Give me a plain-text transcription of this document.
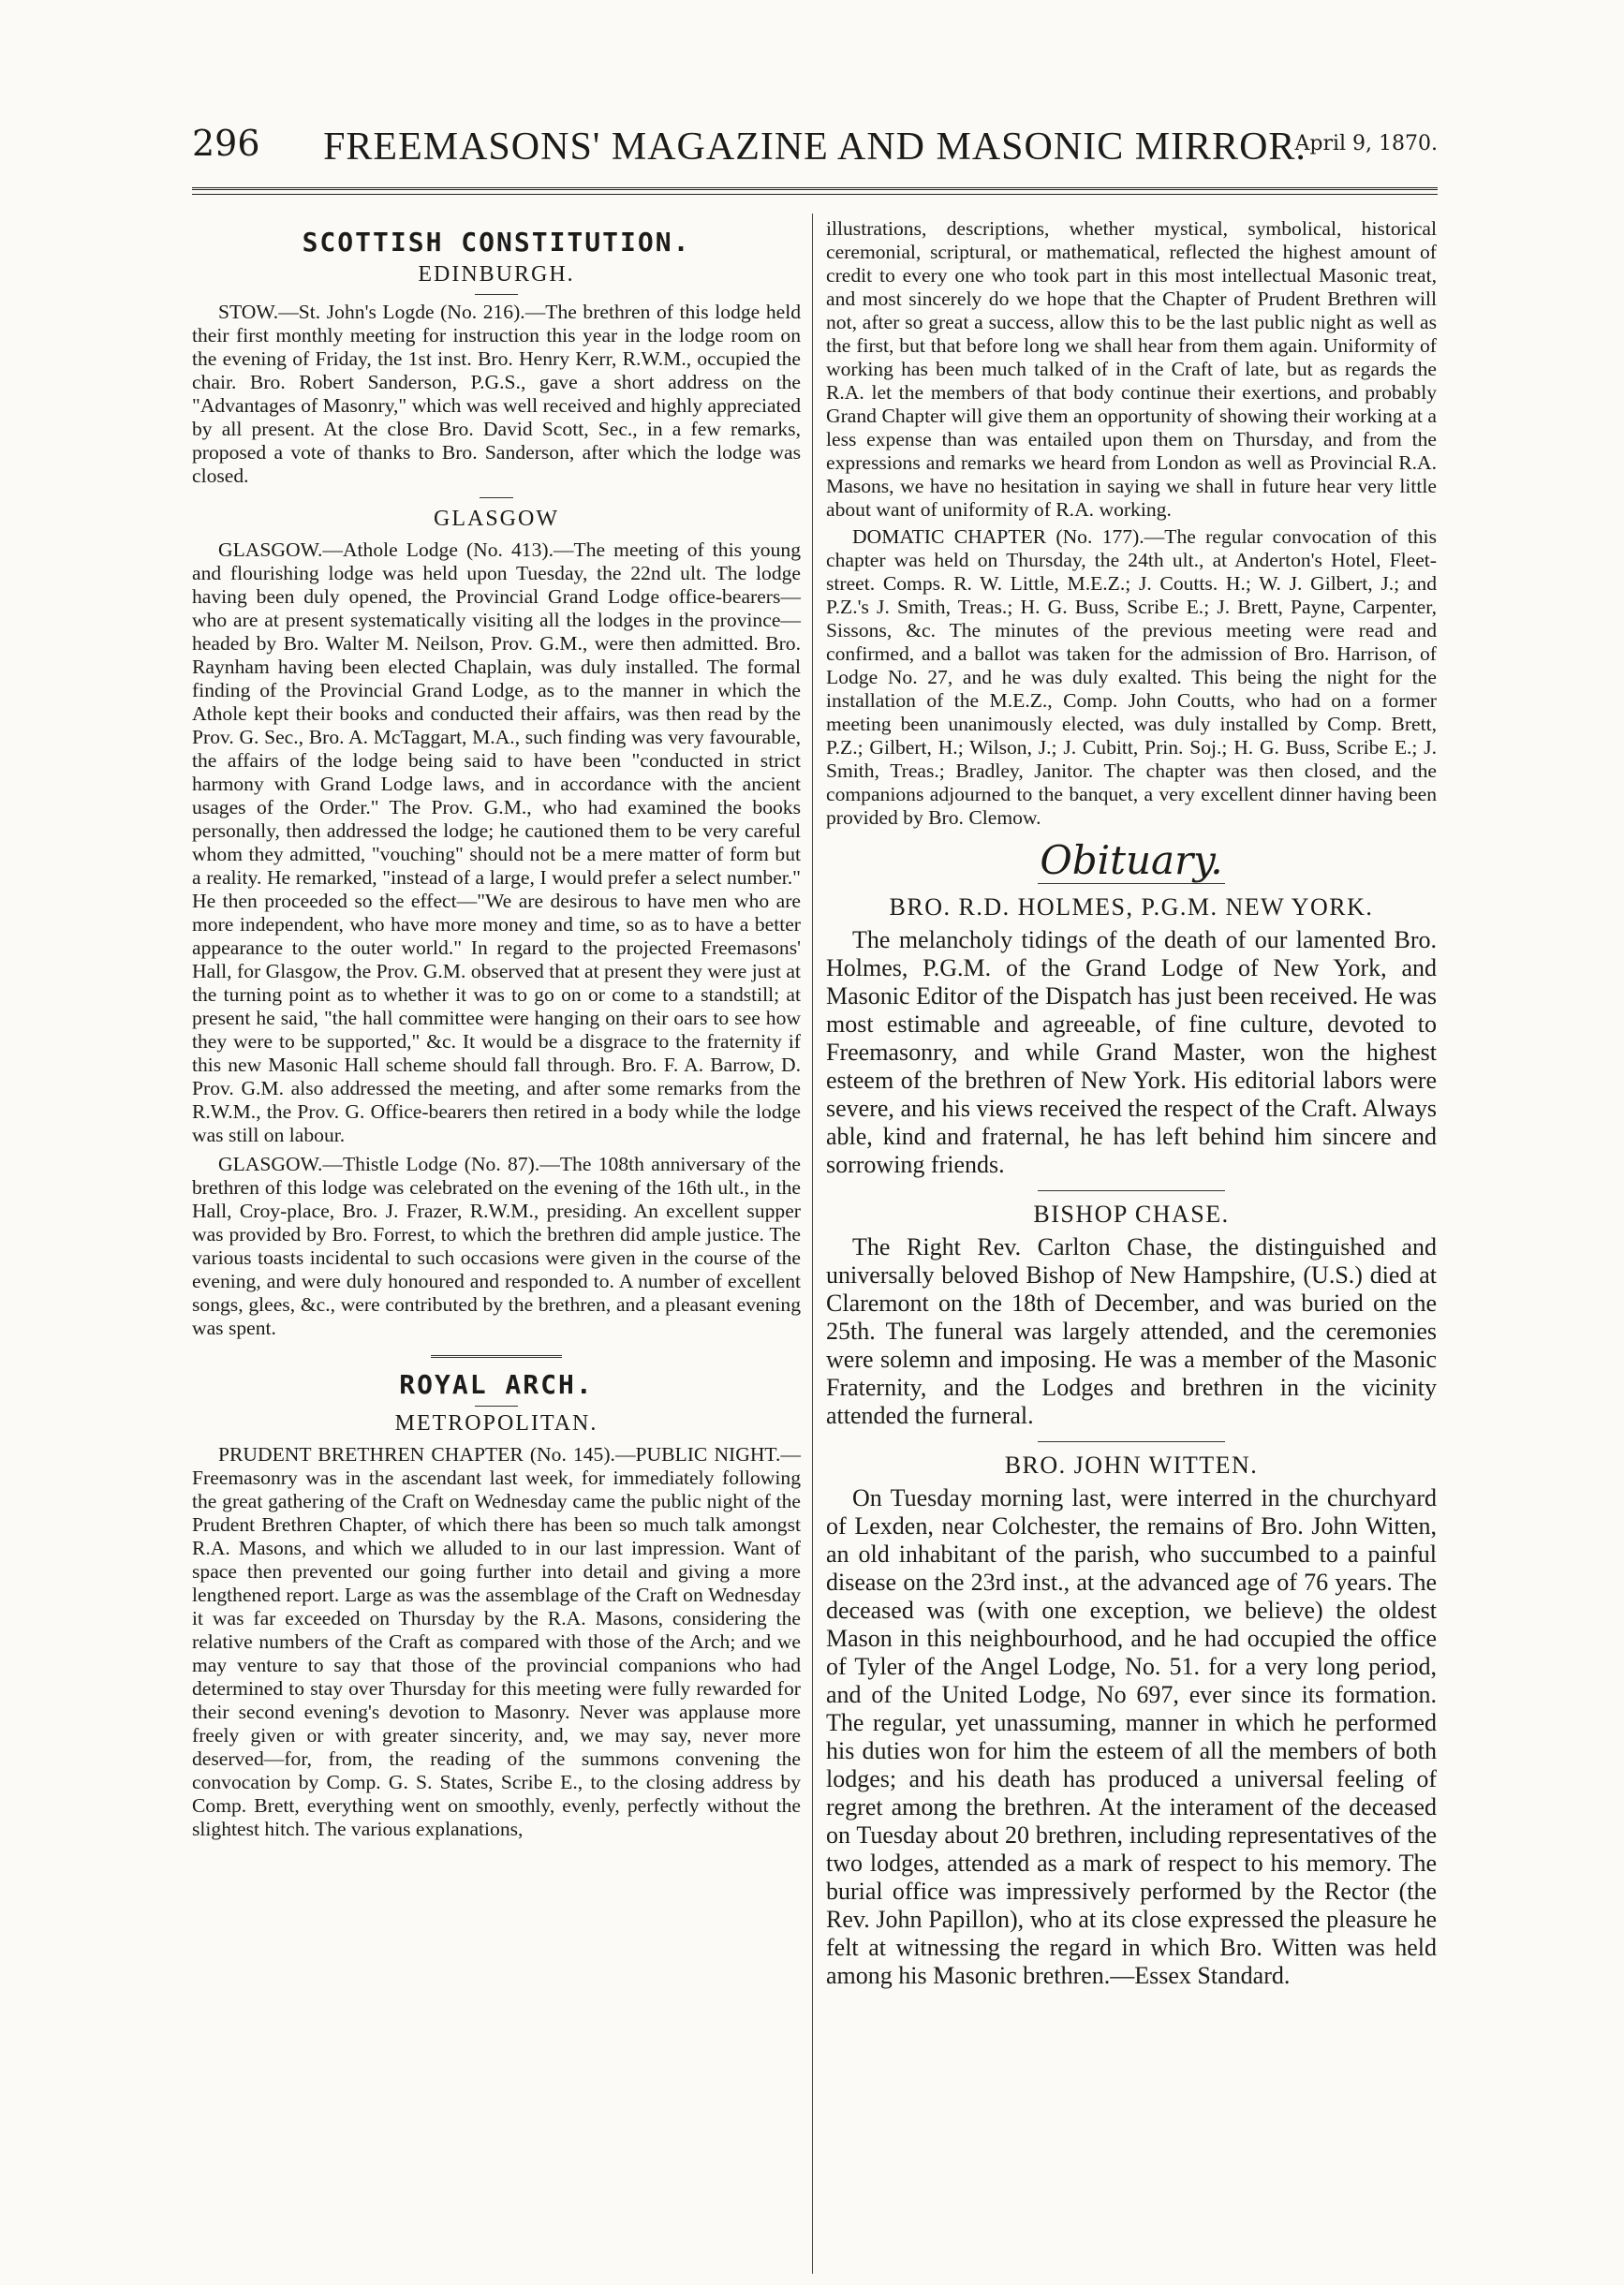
296	FREEMASONS' MAGAZINE AND MASONIC MIRROR.
April 9, 1870.
SCOTTISH CONSTITUTION.
EDINBURGH.

STOW.—St. John's Logde (No. 216).—The brethren of this lodge held their first monthly meeting for instruction this year in the lodge room on the evening of Friday, the 1st inst. Bro. Henry Kerr, R.W.M., occupied the chair. Bro. Robert Sanderson, P.G.S., gave a short address on the "Advantages of Masonry," which was well received and highly appreciated by all present. At the close Bro. David Scott, Sec., in a few remarks, proposed a vote of thanks to Bro. Sanderson, after which the lodge was closed.

GLASGOW

GLASGOW.—Athole Lodge (No. 413).—The meeting of this young and flourishing lodge was held upon Tuesday, the 22nd ult. The lodge having been duly opened, the Provincial Grand Lodge office-bearers—who are at present systematically visiting all the lodges in the province—headed by Bro. Walter M. Neilson, Prov. G.M., were then admitted. Bro. Raynham having been elected Chaplain, was duly installed. The formal finding of the Provincial Grand Lodge, as to the manner in which the Athole kept their books and conducted their affairs, was then read by the Prov. G. Sec., Bro. A. McTaggart, M.A., such finding was very favourable, the affairs of the lodge being said to have been "conducted in strict harmony with Grand Lodge laws, and in accordance with the ancient usages of the Order." The Prov. G.M., who had examined the books personally, then addressed the lodge; he cautioned them to be very careful whom they admitted, "vouching" should not be a mere matter of form but a reality. He remarked, "instead of a large, I would prefer a select number." He then proceeded so the effect—"We are desirous to have men who are more independent, who have more money and time, so as to have a better appearance to the outer world." In regard to the projected Freemasons' Hall, for Glasgow, the Prov. G.M. observed that at present they were just at the turning point as to whether it was to go on or come to a standstill; at present he said, "the hall committee were hanging on their oars to see how they were to be supported," &c. It would be a disgrace to the fraternity if this new Masonic Hall scheme should fall through. Bro. F. A. Barrow, D. Prov. G.M. also addressed the meeting, and after some remarks from the R.W.M., the Prov. G. Office-bearers then retired in a body while the lodge was still on labour.

GLASGOW.—Thistle Lodge (No. 87).—The 108th anniversary of the brethren of this lodge was celebrated on the evening of the 16th ult., in the Hall, Croy-place, Bro. J. Frazer, R.W.M., presiding. An excellent supper was provided by Bro. Forrest, to which the brethren did ample justice. The various toasts incidental to such occasions were given in the course of the evening, and were duly honoured and responded to. A number of excellent songs, glees, &c., were contributed by the brethren, and a pleasant evening was spent.

ROYAL ARCH.
METROPOLITAN.

PRUDENT BRETHREN CHAPTER (No. 145).—PUBLIC NIGHT.—Freemasonry was in the ascendant last week, for immediately following the great gathering of the Craft on Wednesday came the public night of the Prudent Brethren Chapter, of which there has been so much talk amongst R.A. Masons, and which we alluded to in our last impression. Want of space then prevented our going further into detail and giving a more lengthened report. Large as was the assemblage of the Craft on Wednesday it was far exceeded on Thursday by the R.A. Masons, considering the relative numbers of the Craft as compared with those of the Arch; and we may venture to say that those of the provincial companions who had determined to stay over Thursday for this meeting were fully rewarded for their second evening's devotion to Masonry. Never was applause more freely given or with greater sincerity, and, we may say, never more deserved—for, from, the reading of the summons convening the convocation by Comp. G. S. States, Scribe E., to the closing address by Comp. Brett, everything went on smoothly, evenly, perfectly without the slightest hitch. The various explanations,

illustrations, descriptions, whether mystical, symbolical, historical ceremonial, scriptural, or mathematical, reflected the highest amount of credit to every one who took part in this most intellectual Masonic treat, and most sincerely do we hope that the Chapter of Prudent Brethren will not, after so great a success, allow this to be the last public night as well as the first, but that before long we shall hear from them again. Uniformity of working has been much talked of in the Craft of late, but as regards the R.A. let the members of that body continue their exertions, and probably Grand Chapter will give them an opportunity of showing their working at a less expense than was entailed upon them on Thursday, and from the expressions and remarks we heard from London as well as Provincial R.A. Masons, we have no hesitation in saying we shall in future hear very little about want of uniformity of R.A. working.

DOMATIC CHAPTER (No. 177).—The regular convocation of this chapter was held on Thursday, the 24th ult., at Anderton's Hotel, Fleet-street. Comps. R. W. Little, M.E.Z.; J. Coutts. H.; W. J. Gilbert, J.; and P.Z.'s J. Smith, Treas.; H. G. Buss, Scribe E.; J. Brett, Payne, Carpenter, Sissons, &c. The minutes of the previous meeting were read and confirmed, and a ballot was taken for the admission of Bro. Harrison, of Lodge No. 27, and he was duly exalted. This being the night for the installation of the M.E.Z., Comp. John Coutts, who had on a former meeting been unanimously elected, was duly installed by Comp. Brett, P.Z.; Gilbert, H.; Wilson, J.; J. Cubitt, Prin. Soj.; H. G. Buss, Scribe E.; J. Smith, Treas.; Bradley, Janitor. The chapter was then closed, and the companions adjourned to the banquet, a very excellent dinner having been provided by Bro. Clemow.

Obituary.
BRO. R.D. HOLMES, P.G.M. NEW YORK.

The melancholy tidings of the death of our lamented Bro. Holmes, P.G.M. of the Grand Lodge of New York, and Masonic Editor of the Dispatch has just been received. He was most estimable and agreeable, of fine culture, devoted to Freemasonry, and while Grand Master, won the highest esteem of the brethren of New York. His editorial labors were severe, and his views received the respect of the Craft. Always able, kind and fraternal, he has left behind him sincere and sorrowing friends.

BISHOP CHASE.

The Right Rev. Carlton Chase, the distinguished and universally beloved Bishop of New Hampshire, (U.S.) died at Claremont on the 18th of December, and was buried on the 25th. The funeral was largely attended, and the ceremonies were solemn and imposing. He was a member of the Masonic Fraternity, and the Lodges and brethren in the vicinity attended the furneral.

BRO. JOHN WITTEN.

On Tuesday morning last, were interred in the churchyard of Lexden, near Colchester, the remains of Bro. John Witten, an old inhabitant of the parish, who succumbed to a painful disease on the 23rd inst., at the advanced age of 76 years. The deceased was (with one exception, we believe) the oldest Mason in this neighbourhood, and he had occupied the office of Tyler of the Angel Lodge, No. 51. for a very long period, and of the United Lodge, No 697, ever since its formation. The regular, yet unassuming, manner in which he performed his duties won for him the esteem of all the members of both lodges; and his death has produced a universal feeling of regret among the brethren. At the interament of the deceased on Tuesday about 20 brethren, including representatives of the two lodges, attended as a mark of respect to his memory. The burial office was impressively performed by the Rector (the Rev. John Papillon), who at its close expressed the pleasure he felt at witnessing the regard in which Bro. Witten was held among his Masonic brethren.—Essex Standard.
